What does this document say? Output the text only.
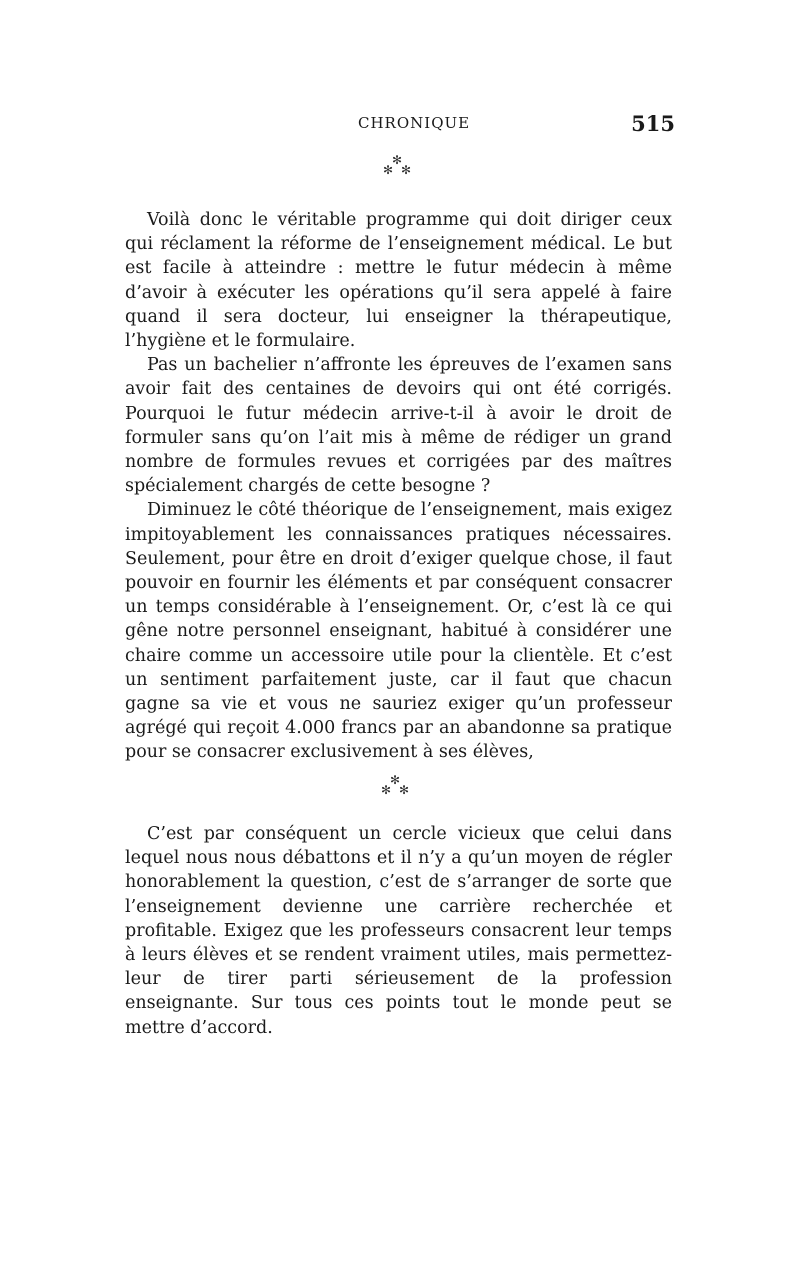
CHRONIQUE	515
✻
✻ ✻

Voilà donc le véritable programme qui doit diriger ceux qui réclament la réforme de l’enseignement médical. Le but est facile à atteindre : mettre le futur médecin à même d’avoir à exécuter les opérations qu’il sera appelé à faire quand il sera docteur, lui enseigner la thérapeutique, l’hygiène et le formulaire.

Pas un bachelier n’affronte les épreuves de l’examen sans avoir fait des centaines de devoirs qui ont été corrigés. Pourquoi le futur médecin arrive-t-il à avoir le droit de formuler sans qu’on l’ait mis à même de rédiger un grand nombre de formules revues et corrigées par des maîtres spécialement chargés de cette besogne ?

Diminuez le côté théorique de l’enseignement, mais exigez impitoyablement les connaissances pratiques nécessaires. Seulement, pour être en droit d’exiger quelque chose, il faut pouvoir en fournir les éléments et par conséquent consacrer un temps considérable à l’enseignement. Or, c’est là ce qui gêne notre personnel enseignant, habitué à considérer une chaire comme un accessoire utile pour la clientèle. Et c’est un sentiment parfaitement juste, car il faut que chacun gagne sa vie et vous ne sauriez exiger qu’un professeur agrégé qui reçoit 4.000 francs par an abandonne sa pratique pour se consacrer exclusivement à ses élèves,

✻
✻ ✻

C’est par conséquent un cercle vicieux que celui dans lequel nous nous débattons et il n’y a qu’un moyen de régler honorablement la question, c’est de s’arranger de sorte que l’enseignement devienne une carrière recherchée et profitable. Exigez que les professeurs consacrent leur temps à leurs élèves et se rendent vraiment utiles, mais permettez-leur de tirer parti sérieusement de la profession enseignante. Sur tous ces points tout le monde peut se mettre d’accord.
